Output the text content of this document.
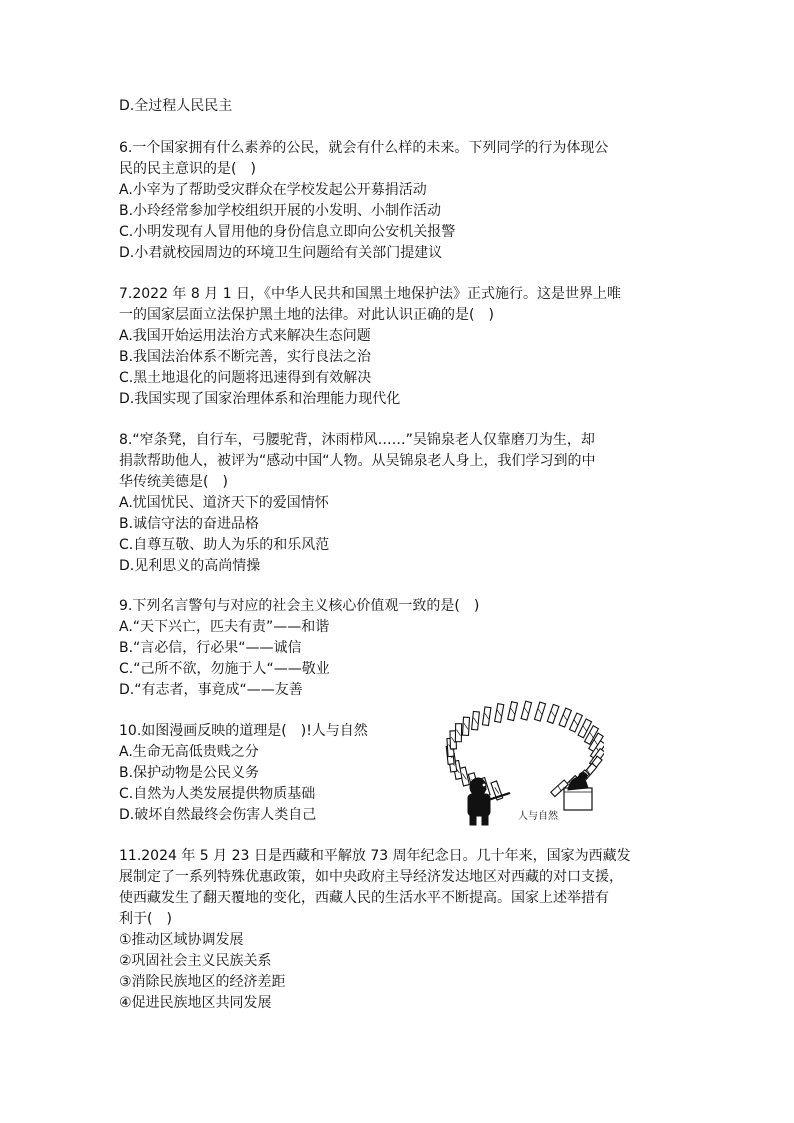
D.全过程人民民主
6.一个国家拥有什么素养的公民，就会有什么样的未来。下列同学的行为体现公
民的民主意识的是(　)
A.小宰为了帮助受灾群众在学校发起公开募捐活动
B.小玲经常参加学校组织开展的小发明、小制作活动
C.小明发现有人冒用他的身份信息立即向公安机关报警
D.小君就校园周边的环境卫生问题给有关部门提建议
7.2022 年 8 月 1 日，《中华人民共和国黑土地保护法》正式施行。这是世界上唯
一的国家层面立法保护黑土地的法律。对此认识正确的是(　)
A.我国开始运用法治方式来解决生态问题
B.我国法治体系不断完善，实行良法之治
C.黑土地退化的问题将迅速得到有效解决
D.我国实现了国家治理体系和治理能力现代化
8.“窄条凳，自行车，弓腰驼背，沐雨栉风……”吴锦泉老人仅靠磨刀为生，却
捐款帮助他人，被评为“感动中国“人物。从吴锦泉老人身上，我们学习到的中
华传统美德是(　)
A.忧国忧民、道济天下的爱国情怀
B.诚信守法的奋进品格
C.自尊互敬、助人为乐的和乐风范
D.见利思义的高尚情操
9.下列名言警句与对应的社会主义核心价值观一致的是(　)
A.“天下兴亡，匹夫有责”——和谐
B.“言必信，行必果“——诚信
C.“己所不欲，勿施于人“——敬业
D.“有志者，事竟成“——友善
10.如图漫画反映的道理是(　)!人与自然
A.生命无高低贵贱之分
B.保护动物是公民义务
C.自然为人类发展提供物质基础
D.破坏自然最终会伤害人类自己	人与自然
11.2024 年 5 月 23 日是西藏和平解放 73 周年纪念日。几十年来，国家为西藏发
展制定了一系列特殊优惠政策，如中央政府主导经济发达地区对西藏的对口支援，
使西藏发生了翻天覆地的变化，西藏人民的生活水平不断提高。国家上述举措有
利于(　)
①推动区域协调发展
②巩固社会主义民族关系
③消除民族地区的经济差距
④促进民族地区共同发展
